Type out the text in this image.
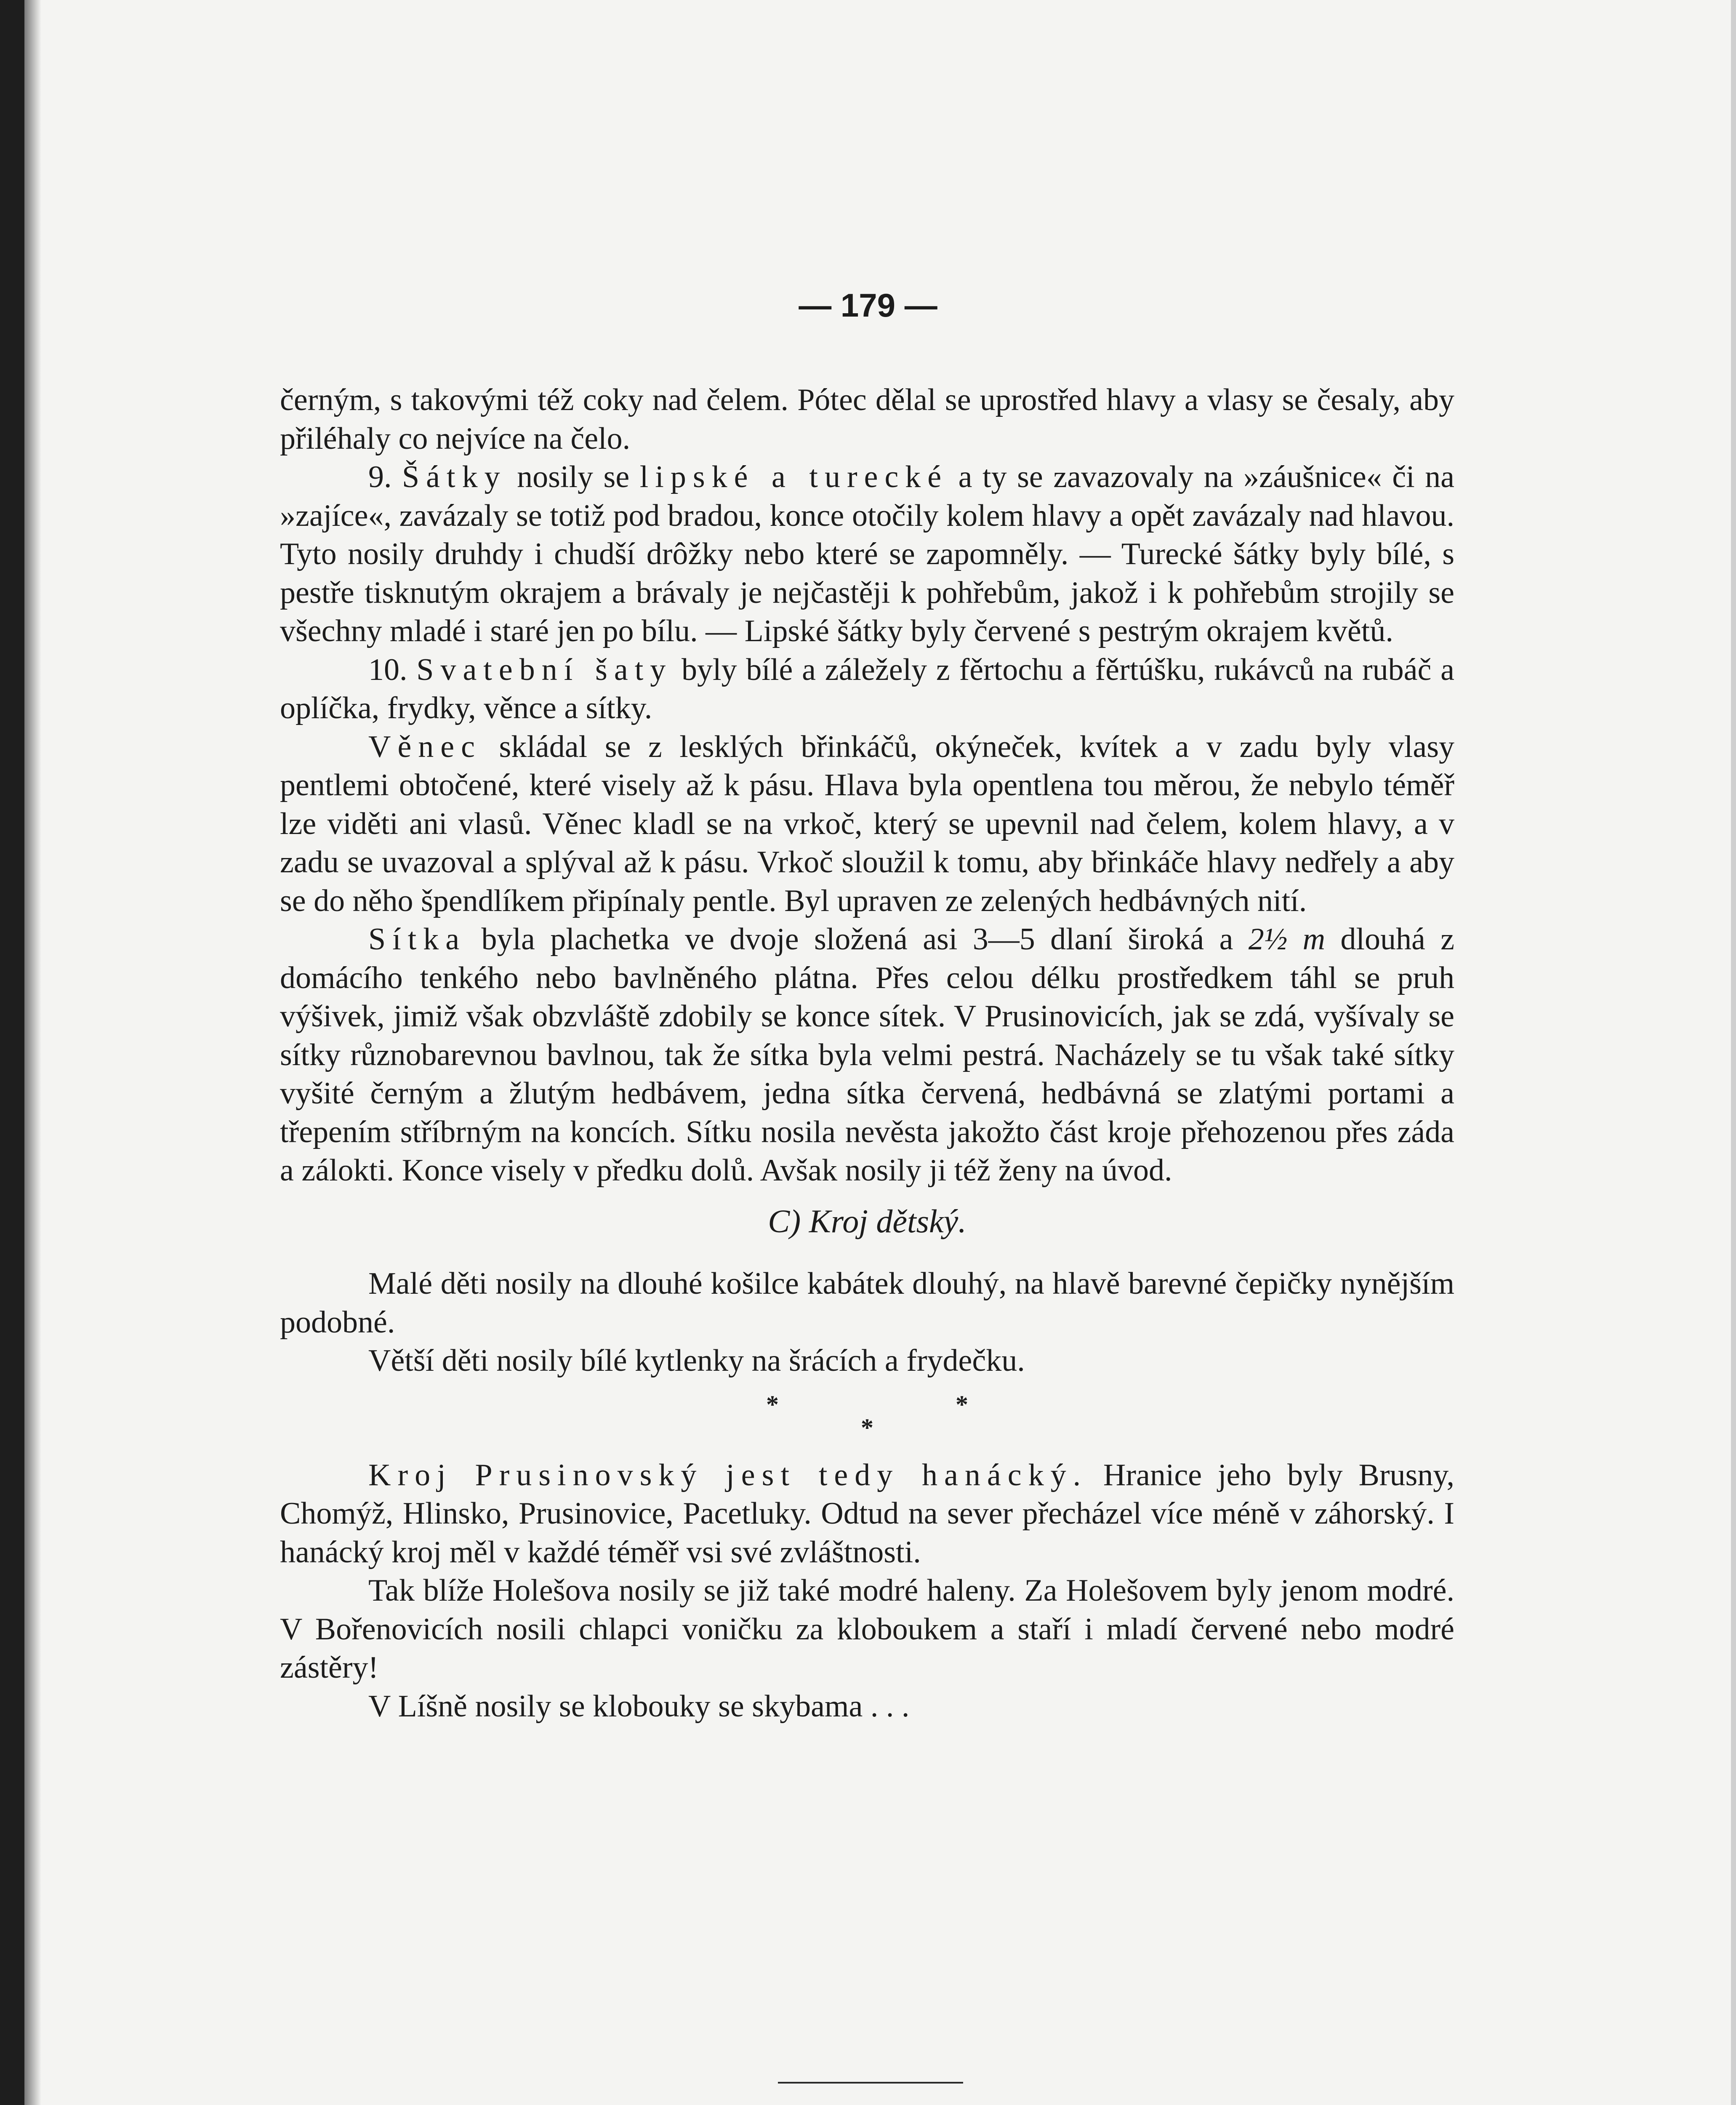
— 179 —

černým, s takovými též coky nad čelem. Pótec dělal se uprostřed hlavy a vlasy se česaly, aby přiléhaly co nejvíce na čelo.

9. Šátky nosily se lipské a turecké a ty se zavazovaly na »záušnice« či na »zajíce«, zavázaly se totiž pod bradou, konce otočily kolem hlavy a opět zavázaly nad hlavou. Tyto nosily druhdy i chudší drôžky nebo které se zapomněly. — Turecké šátky byly bílé, s pestře tisknutým okrajem a brávaly je nejčastěji k pohřebům, jakož i k pohřebům strojily se všechny mladé i staré jen po bílu. — Lipské šátky byly červené s pestrým okrajem květů.

10. Svatební šaty byly bílé a záležely z fěrtochu a fěrtúšku, rukávců na rubáč a oplíčka, frydky, věnce a sítky.

Věnec skládal se z lesklých břinkáčů, okýneček, kvítek a v zadu byly vlasy pentlemi obtočené, které visely až k pásu. Hlava byla opentlena tou měrou, že nebylo téměř lze viděti ani vlasů. Věnec kladl se na vrkoč, který se upevnil nad čelem, kolem hlavy, a v zadu se uvazoval a splýval až k pásu. Vrkoč sloužil k tomu, aby břinkáče hlavy nedřely a aby se do něho špendlíkem připínaly pentle. Byl upraven ze zelených hedbávných nití.

Sítka byla plachetka ve dvoje složená asi 3—5 dlaní široká a 2½ m dlouhá z domácího tenkého nebo bavlněného plátna. Přes celou délku prostředkem táhl se pruh výšivek, jimiž však obzvláště zdobily se konce sítek. V Prusinovicích, jak se zdá, vyšívaly se sítky různobarevnou bavlnou, tak že sítka byla velmi pestrá. Nacházely se tu však také sítky vyšité černým a žlutým hedbávem, jedna sítka červená, hedbávná se zlatými portami a třepením stříbrným na koncích. Sítku nosila nevěsta jakožto část kroje přehozenou přes záda a zálokti. Konce visely v předku dolů. Avšak nosily ji též ženy na úvod.

C) Kroj dětský.

Malé děti nosily na dlouhé košilce kabátek dlouhý, na hlavě barevné čepičky nynějším podobné.

Větší děti nosily bílé kytlenky na šrácích a frydečku.

**
*

Kroj Prusinovský jest tedy hanácký. Hranice jeho byly Brusny, Chomýž, Hlinsko, Prusinovice, Pacetluky. Odtud na sever přecházel více méně v záhorský. I hanácký kroj měl v každé téměř vsi své zvláštnosti.

Tak blíže Holešova nosily se již také modré haleny. Za Holešovem byly jenom modré. V Bořenovicích nosili chlapci voničku za kloboukem a staří i mladí červené nebo modré zástěry!

V Líšně nosily se klobouky se skybama . . .
